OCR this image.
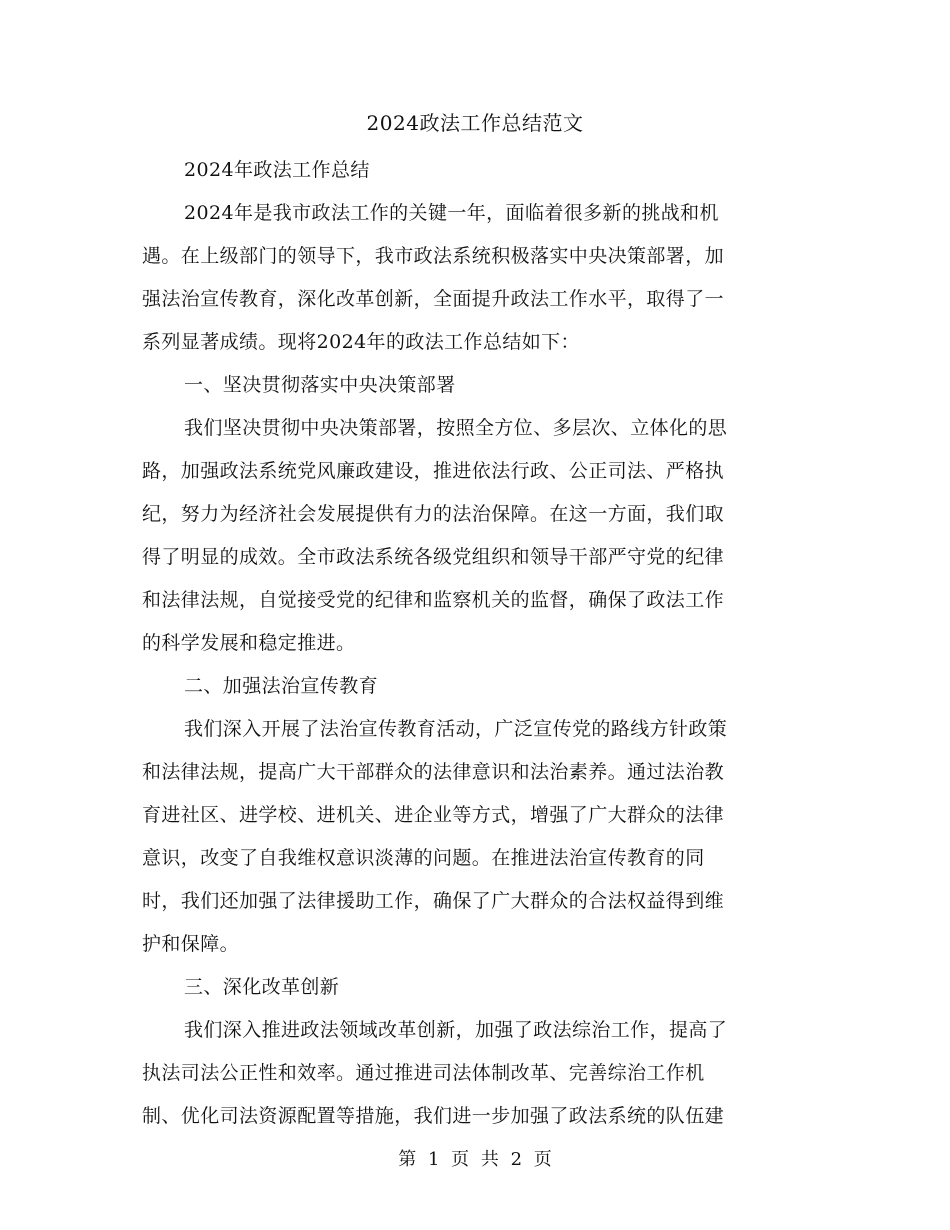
2024政法工作总结范文
2024年政法工作总结
2024年是我市政法工作的关键一年，面临着很多新的挑战和机
遇。在上级部门的领导下，我市政法系统积极落实中央决策部署，加
强法治宣传教育，深化改革创新，全面提升政法工作水平，取得了一
系列显著成绩。现将2024年的政法工作总结如下：
一、坚决贯彻落实中央决策部署
我们坚决贯彻中央决策部署，按照全方位、多层次、立体化的思
路，加强政法系统党风廉政建设，推进依法行政、公正司法、严格执
纪，努力为经济社会发展提供有力的法治保障。在这一方面，我们取
得了明显的成效。全市政法系统各级党组织和领导干部严守党的纪律
和法律法规，自觉接受党的纪律和监察机关的监督，确保了政法工作
的科学发展和稳定推进。
二、加强法治宣传教育
我们深入开展了法治宣传教育活动，广泛宣传党的路线方针政策
和法律法规，提高广大干部群众的法律意识和法治素养。通过法治教
育进社区、进学校、进机关、进企业等方式，增强了广大群众的法律
意识，改变了自我维权意识淡薄的问题。在推进法治宣传教育的同
时，我们还加强了法律援助工作，确保了广大群众的合法权益得到维
护和保障。
三、深化改革创新
我们深入推进政法领域改革创新，加强了政法综治工作，提高了
执法司法公正性和效率。通过推进司法体制改革、完善综治工作机
制、优化司法资源配置等措施，我们进一步加强了政法系统的队伍建
第 1 页 共 2 页
